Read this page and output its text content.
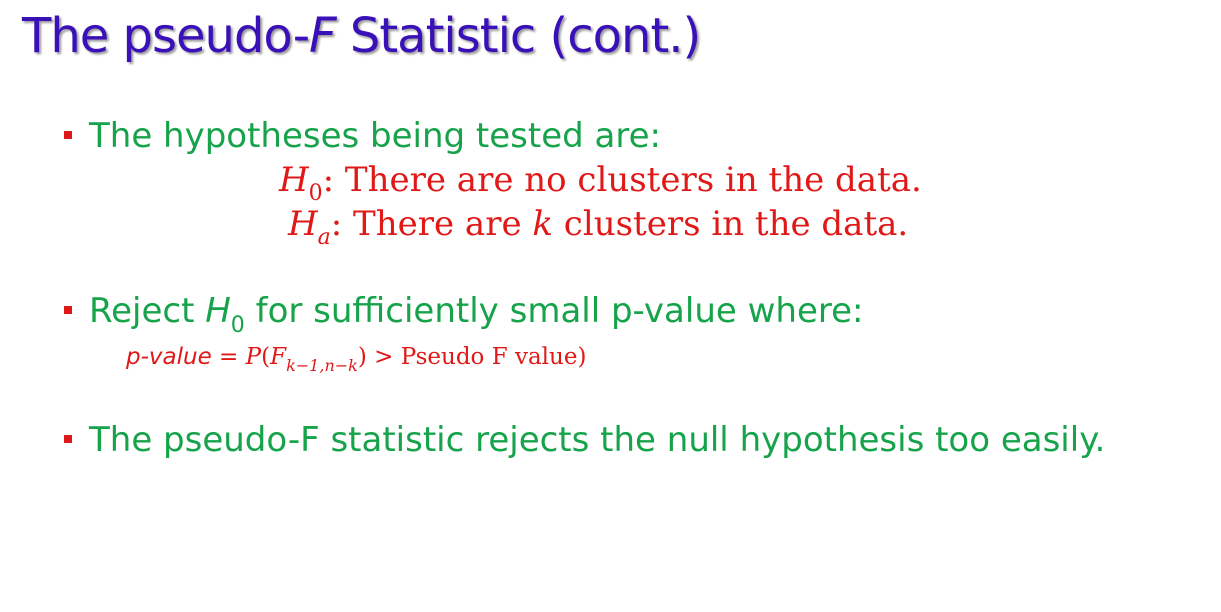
The pseudo-F Statistic (cont.)
The hypotheses being tested are:
$H_0$: There are no clusters in the data.
$H_a$: There are k clusters in the data.
Reject $H_0$ for sufficiently small p-value where:
p-value = $P(F_{k-1,n-k})$ > Pseudo F value)
The pseudo-F statistic rejects the null hypothesis too easily.
